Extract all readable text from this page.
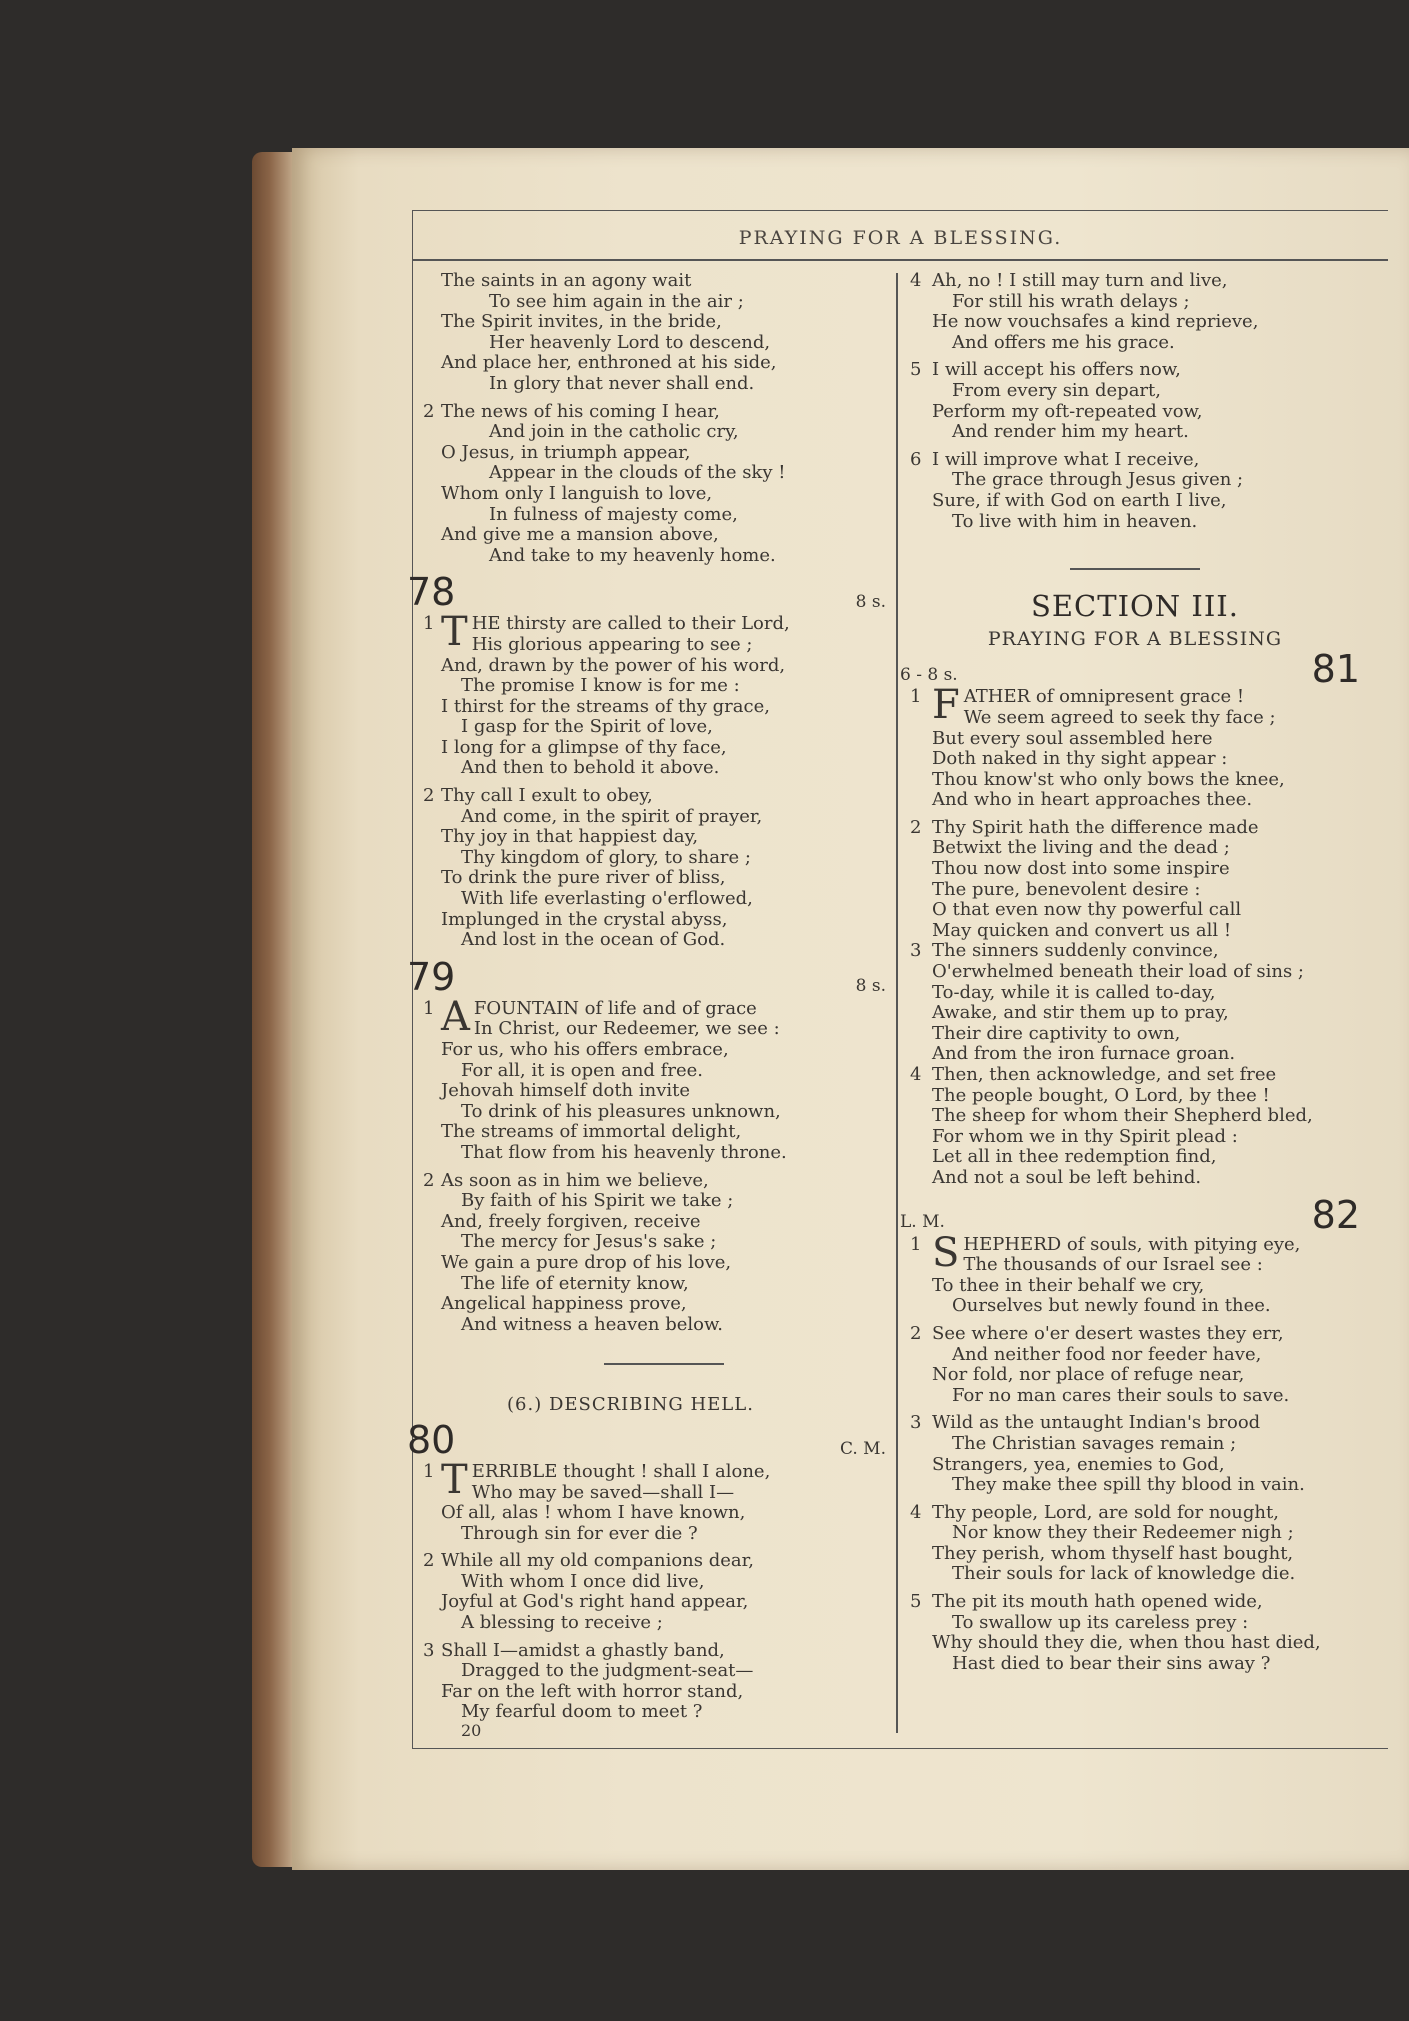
PRAYING FOR A BLESSING.
The saints in an agony wait
To see him again in the air ;
The Spirit invites, in the bride,
Her heavenly Lord to descend,
And place her, enthroned at his side,
In glory that never shall end.
2 The news of his coming I hear,
And join in the catholic cry,
O Jesus, in triumph appear,
Appear in the clouds of the sky !
Whom only I languish to love,
In fulness of majesty come,
And give me a mansion above,
And take to my heavenly home.
78	8 s.
1 T HE thirsty are called to their Lord,
His glorious appearing to see ;
And, drawn by the power of his word,
The promise I know is for me :
I thirst for the streams of thy grace,
I gasp for the Spirit of love,
I long for a glimpse of thy face,
And then to behold it above.
2 Thy call I exult to obey,
And come, in the spirit of prayer,
Thy joy in that happiest day,
Thy kingdom of glory, to share ;
To drink the pure river of bliss,
With life everlasting o'erflowed,
Implunged in the crystal abyss,
And lost in the ocean of God.
79	8 s.
1 A FOUNTAIN of life and of grace
In Christ, our Redeemer, we see :
For us, who his offers embrace,
For all, it is open and free.
Jehovah himself doth invite
To drink of his pleasures unknown,
The streams of immortal delight,
That flow from his heavenly throne.
2 As soon as in him we believe,
By faith of his Spirit we take ;
And, freely forgiven, receive
The mercy for Jesus's sake ;
We gain a pure drop of his love,
The life of eternity know,
Angelical happiness prove,
And witness a heaven below.
(6.) DESCRIBING HELL.
80	C. M.
1 T ERRIBLE thought ! shall I alone,
Who may be saved—shall I—
Of all, alas ! whom I have known,
Through sin for ever die ?
2 While all my old companions dear,
With whom I once did live,
Joyful at God's right hand appear,
A blessing to receive ;
3 Shall I—amidst a ghastly band,
Dragged to the judgment-seat—
Far on the left with horror stand,
My fearful doom to meet ?
20
4 Ah, no ! I still may turn and live,
For still his wrath delays ;
He now vouchsafes a kind reprieve,
And offers me his grace.
5 I will accept his offers now,
From every sin depart,
Perform my oft-repeated vow,
And render him my heart.
6 I will improve what I receive,
The grace through Jesus given ;
Sure, if with God on earth I live,
To live with him in heaven.
SECTION III.
PRAYING FOR A BLESSING
81
6 - 8 s.
1 F ATHER of omnipresent grace !
We seem agreed to seek thy face ;
But every soul assembled here
Doth naked in thy sight appear :
Thou know'st who only bows the knee,
And who in heart approaches thee.
2 Thy Spirit hath the difference made
Betwixt the living and the dead ;
Thou now dost into some inspire
The pure, benevolent desire :
O that even now thy powerful call
May quicken and convert us all !
3 The sinners suddenly convince,
O'erwhelmed beneath their load of sins ;
To-day, while it is called to-day,
Awake, and stir them up to pray,
Their dire captivity to own,
And from the iron furnace groan.
4 Then, then acknowledge, and set free
The people bought, O Lord, by thee !
The sheep for whom their Shepherd bled,
For whom we in thy Spirit plead :
Let all in thee redemption find,
And not a soul be left behind.
82
L. M.
1 S HEPHERD of souls, with pitying eye,
The thousands of our Israel see :
To thee in their behalf we cry,
Ourselves but newly found in thee.
2 See where o'er desert wastes they err,
And neither food nor feeder have,
Nor fold, nor place of refuge near,
For no man cares their souls to save.
3 Wild as the untaught Indian's brood
The Christian savages remain ;
Strangers, yea, enemies to God,
They make thee spill thy blood in vain.
4 Thy people, Lord, are sold for nought,
Nor know they their Redeemer nigh ;
They perish, whom thyself hast bought,
Their souls for lack of knowledge die.
5 The pit its mouth hath opened wide,
To swallow up its careless prey :
Why should they die, when thou hast died,
Hast died to bear their sins away ?
